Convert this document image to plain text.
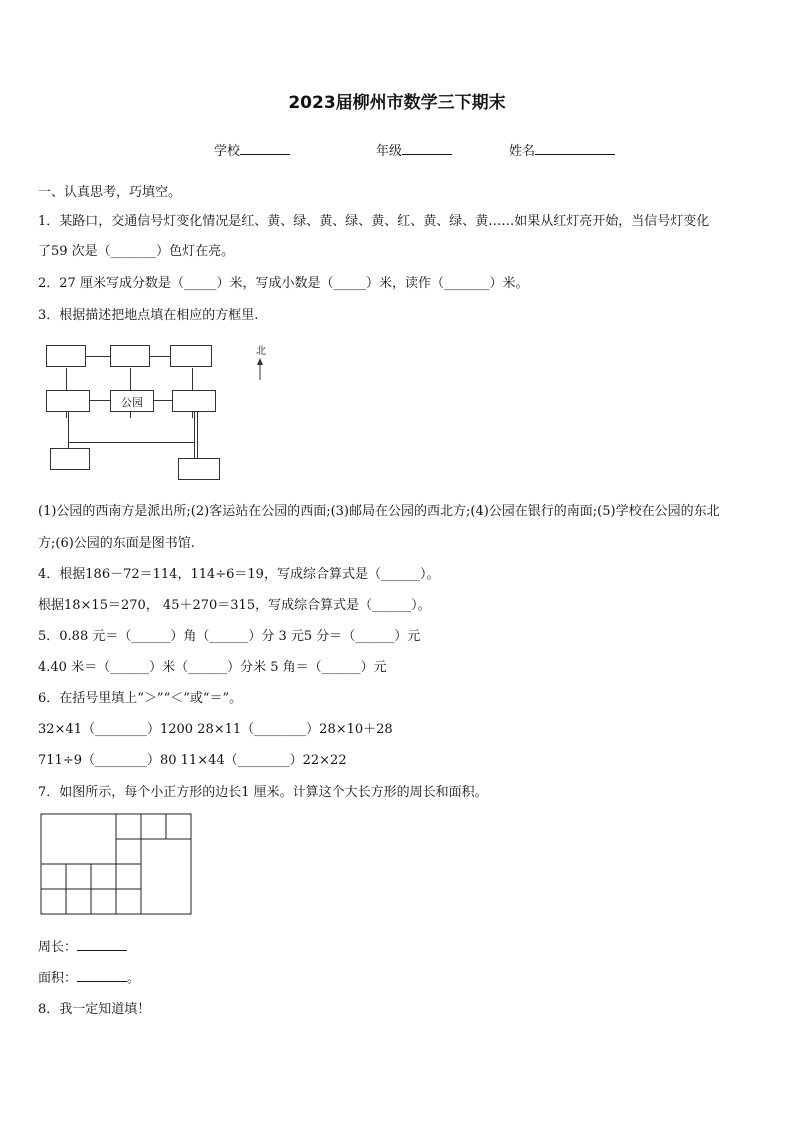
2023届柳州市数学三下期末
学校	年级	姓名
一、认真思考，巧填空。
1．某路口，交通信号灯变化情况是红、黄、绿、黄、绿、黄、红、黄、绿、黄……如果从红灯亮开始，当信号灯变化
了59 次是（_______）色灯在亮。
2．27 厘米写成分数是（_____）米，写成小数是（_____）米，读作（_______）米。
3．根据描述把地点填在相应的方框里.
公园
北
(1)公园的西南方是派出所;(2)客运站在公园的西面;(3)邮局在公园的西北方;(4)公园在银行的南面;(5)学校在公园的东北
方;(6)公园的东面是图书馆.
4．根据186－72＝114，114÷6＝19，写成综合算式是（______）。
根据18×15＝270， 45＋270＝315，写成综合算式是（______）。
5．0.88 元＝（______）角（______）分 3 元5 分＝（______）元
4.40 米＝（______）米（______）分米 5 角＝（______）元
6．在括号里填上“＞”“＜”或“＝”。
32×41（________）1200 28×11（________）28×10＋28
711÷9（________）80 11×44（________）22×22
7．如图所示，每个小正方形的边长1 厘米。计算这个大长方形的周长和面积。
周长：
面积：	。
8．我一定知道填！
